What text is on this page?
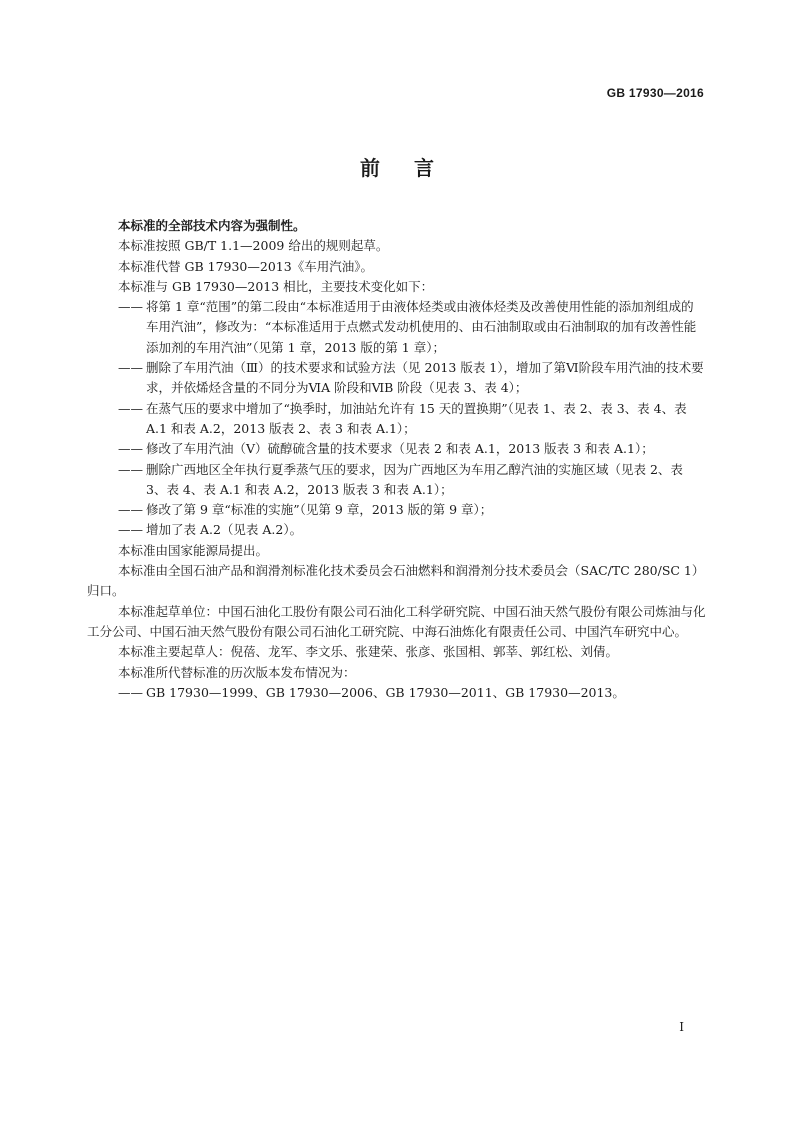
GB 17930—2016
前言

本标准的全部技术内容为强制性。

本标准按照 GB/T 1.1—2009 给出的规则起草。

本标准代替 GB 17930—2013《车用汽油》。

本标准与 GB 17930—2013 相比，主要技术变化如下：

—— 将第 1 章“范围”的第二段由“本标准适用于由液体烃类或由液体烃类及改善使用性能的添加剂组成的车用汽油”，修改为：“本标准适用于点燃式发动机使用的、由石油制取或由石油制取的加有改善性能添加剂的车用汽油”（见第 1 章，2013 版的第 1 章）；
—— 删除了车用汽油（Ⅲ）的技术要求和试验方法（见 2013 版表 1），增加了第Ⅵ阶段车用汽油的技术要求，并依烯烃含量的不同分为ⅥA 阶段和ⅥB 阶段（见表 3、表 4）；
—— 在蒸气压的要求中增加了“换季时，加油站允许有 15 天的置换期”（见表 1、表 2、表 3、表 4、表 A.1 和表 A.2，2013 版表 2、表 3 和表 A.1）；
—— 修改了车用汽油（Ⅴ）硫醇硫含量的技术要求（见表 2 和表 A.1，2013 版表 3 和表 A.1）；
—— 删除广西地区全年执行夏季蒸气压的要求，因为广西地区为车用乙醇汽油的实施区域（见表 2、表 3、表 4、表 A.1 和表 A.2，2013 版表 3 和表 A.1）；
—— 修改了第 9 章“标准的实施”（见第 9 章，2013 版的第 9 章）；
—— 增加了表 A.2（见表 A.2）。

本标准由国家能源局提出。

本标准由全国石油产品和润滑剂标准化技术委员会石油燃料和润滑剂分技术委员会（SAC/TC 280/SC 1）归口。

本标准起草单位：中国石油化工股份有限公司石油化工科学研究院、中国石油天然气股份有限公司炼油与化工分公司、中国石油天然气股份有限公司石油化工研究院、中海石油炼化有限责任公司、中国汽车研究中心。

本标准主要起草人：倪蓓、龙军、李文乐、张建荣、张彦、张国相、郭莘、郭红松、刘倩。

本标准所代替标准的历次版本发布情况为：

—— GB 17930—1999、GB 17930—2006、GB 17930—2011、GB 17930—2013。
I
